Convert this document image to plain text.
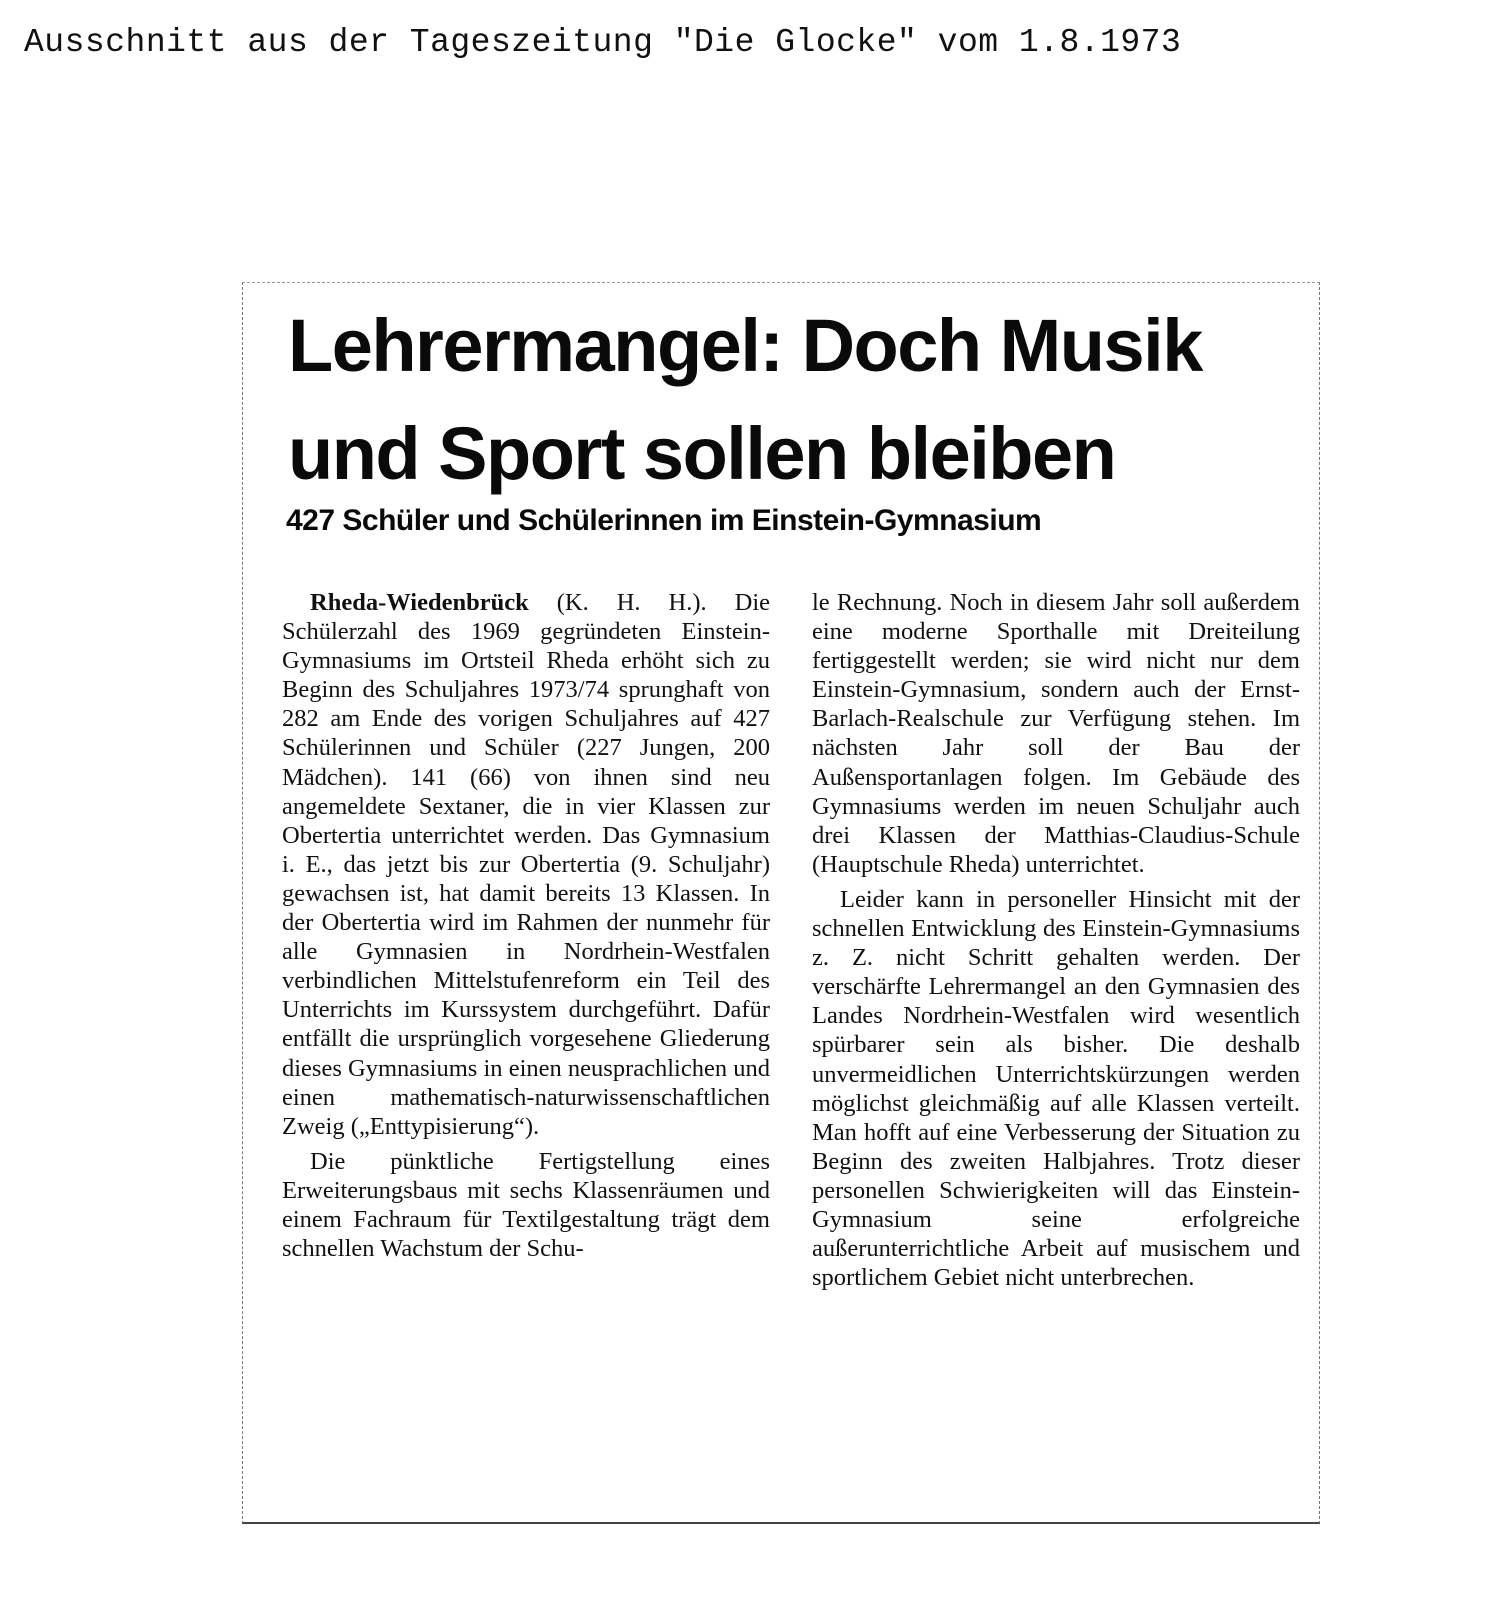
Ausschnitt aus der Tageszeitung "Die Glocke" vom 1.8.1973
Lehrermangel: Doch Musik
und Sport sollen bleiben
427 Schüler und Schülerinnen im Einstein-Gymnasium

Rheda-Wiedenbrück (K. H. H.). Die Schülerzahl des 1969 gegründeten Einstein-Gymnasiums im Ortsteil Rheda erhöht sich zu Beginn des Schuljahres 1973/74 sprunghaft von 282 am Ende des vorigen Schuljahres auf 427 Schülerinnen und Schüler (227 Jungen, 200 Mädchen). 141 (66) von ihnen sind neu angemeldete Sextaner, die in vier Klassen zur Obertertia unterrichtet werden. Das Gymnasium i. E., das jetzt bis zur Obertertia (9. Schuljahr) gewachsen ist, hat damit bereits 13 Klassen. In der Obertertia wird im Rahmen der nunmehr für alle Gymnasien in Nordrhein-Westfalen verbindlichen Mittelstufenreform ein Teil des Unterrichts im Kurssystem durchgeführt. Dafür entfällt die ursprünglich vorgesehene Gliederung dieses Gymnasiums in einen neusprachlichen und einen mathematisch-naturwissenschaftlichen Zweig („Enttypisierung“).

Die pünktliche Fertigstellung eines Erweiterungsbaus mit sechs Klassenräumen und einem Fachraum für Textilgestaltung trägt dem schnellen Wachstum der Schu-

le Rechnung. Noch in diesem Jahr soll außerdem eine moderne Sporthalle mit Dreiteilung fertiggestellt werden; sie wird nicht nur dem Einstein-Gymnasium, sondern auch der Ernst-Barlach-Realschule zur Verfügung stehen. Im nächsten Jahr soll der Bau der Außensportanlagen folgen. Im Gebäude des Gymnasiums werden im neuen Schuljahr auch drei Klassen der Matthias-Claudius-Schule (Hauptschule Rheda) unterrichtet.

Leider kann in personeller Hinsicht mit der schnellen Entwicklung des Einstein-Gymnasiums z. Z. nicht Schritt gehalten werden. Der verschärfte Lehrermangel an den Gymnasien des Landes Nordrhein-Westfalen wird wesentlich spürbarer sein als bisher. Die deshalb unvermeidlichen Unterrichtskürzungen werden möglichst gleichmäßig auf alle Klassen verteilt. Man hofft auf eine Verbesserung der Situation zu Beginn des zweiten Halbjahres. Trotz dieser personellen Schwierigkeiten will das Einstein-Gymnasium seine erfolgreiche außerunterrichtliche Arbeit auf musischem und sportlichem Gebiet nicht unterbrechen.
